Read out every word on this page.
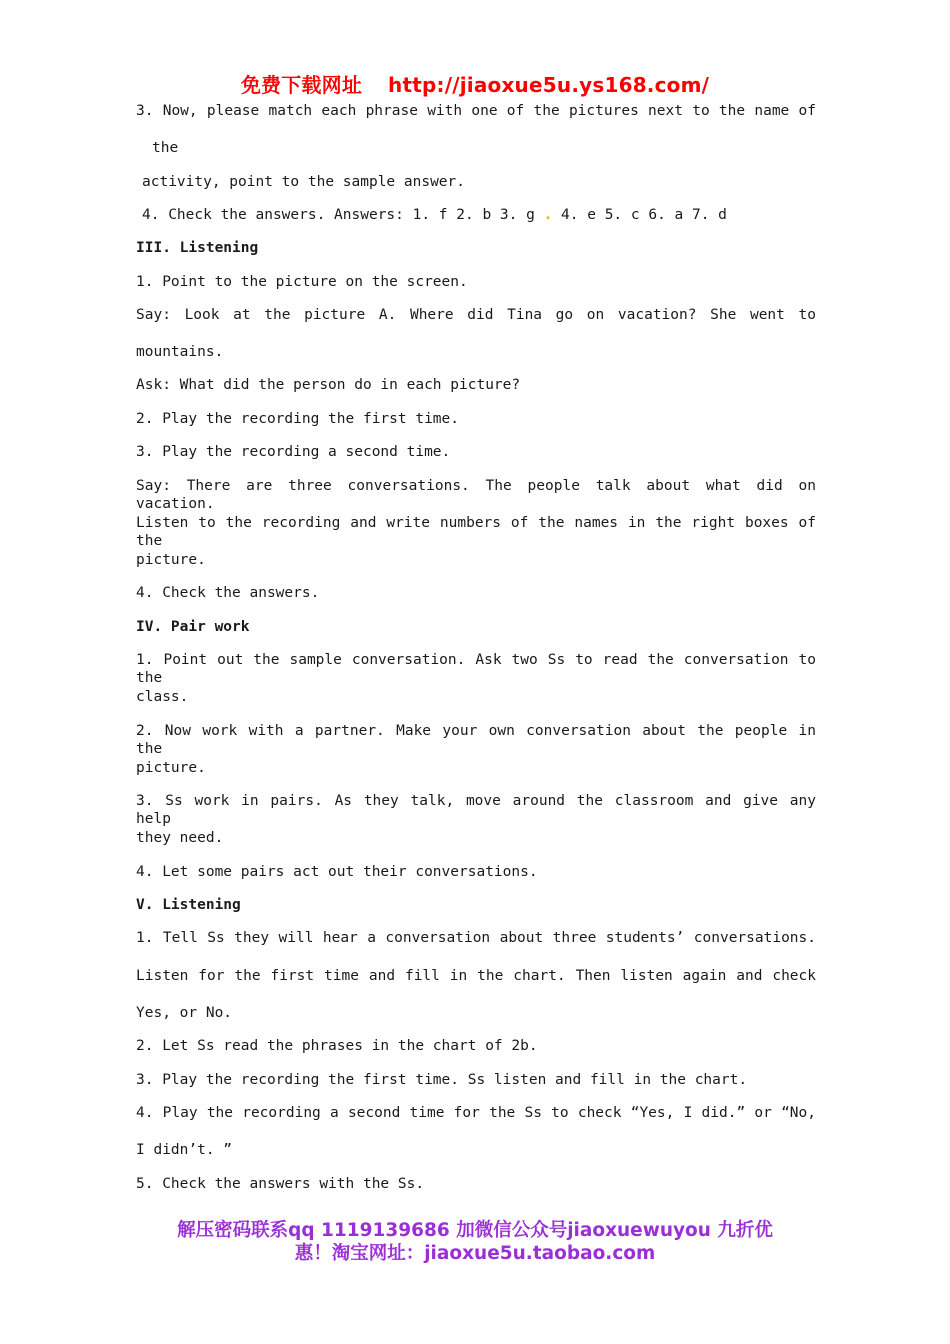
免费下载网址 http://jiaoxue5u.ys168.com/
3. Now, please match each phrase with one of the pictures next to the name of
the
activity, point to the sample answer.
4. Check the answers. Answers: 1. f 2. b 3. g . 4. e 5. c 6. a 7. d
III. Listening
1. Point to the picture on the screen.
Say: Look at the picture A. Where did Tina go on vacation? She went to
mountains.
Ask: What did the person do in each picture?
2. Play the recording the first time.
3. Play the recording a second time.
Say: There are three conversations. The people talk about what did on vacation.
Listen to the recording and write numbers of the names in the right boxes of the
picture.
4. Check the answers.
IV. Pair work
1. Point out the sample conversation. Ask two Ss to read the conversation to the
class.
2. Now work with a partner. Make your own conversation about the people in the
picture.
3. Ss work in pairs. As they talk, move around the classroom and give any help
they need.
4. Let some pairs act out their conversations.
V. Listening
1. Tell Ss they will hear a conversation about three students’ conversations.
Listen for the first time and fill in the chart. Then listen again and check
Yes, or No.
2. Let Ss read the phrases in the chart of 2b.
3. Play the recording the first time. Ss listen and fill in the chart.
4. Play the recording a second time for the Ss to check “Yes, I did.” or “No,
I didn’t. ”
5. Check the answers with the Ss.
解压密码联系qq 1119139686 加微信公众号jiaoxuewuyou 九折优
惠！淘宝网址：jiaoxue5u.taobao.com
